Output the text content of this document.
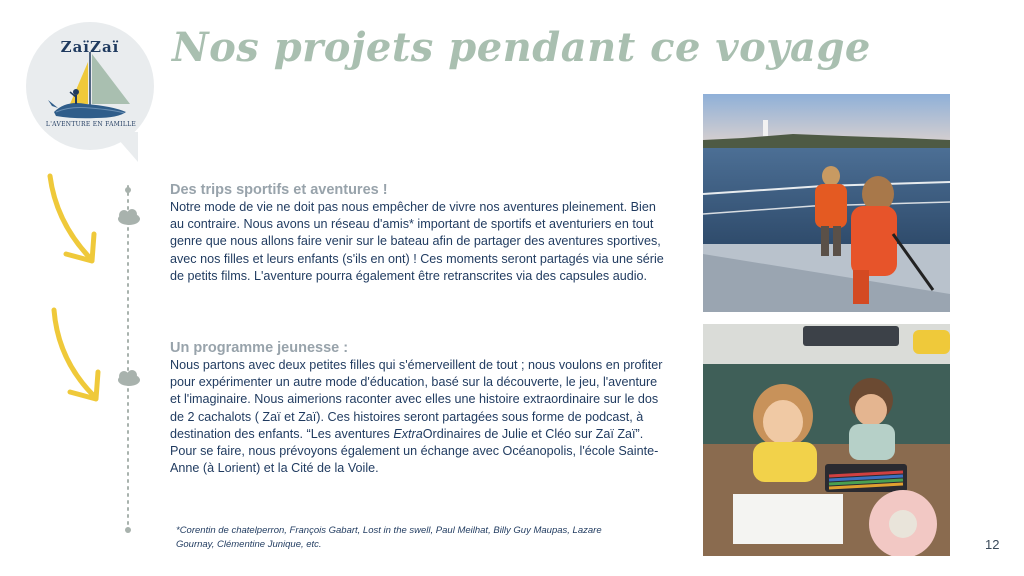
ZaïZaï
L'AVENTURE EN FAMILLE
Nos projets pendant ce voyage
Des trips sportifs et aventures !
Notre mode de vie ne doit pas nous empêcher de vivre nos aventures pleinement. Bien au contraire. Nous avons un réseau d'amis* important de sportifs et aventuriers en tout genre que nous allons faire venir sur le bateau afin de partager des aventures sportives, avec nos filles et leurs enfants (s'ils en ont) ! Ces moments seront partagés via une série de petits films. L'aventure pourra également être retranscrites via des capsules audio.
Un programme jeunesse :
Nous partons avec deux petites filles qui s'émerveillent de tout ; nous voulons en profiter pour expérimenter un autre mode d'éducation, basé sur la découverte, le jeu, l'aventure et l'imaginaire. Nous aimerions raconter avec elles une histoire extraordinaire sur le dos de 2 cachalots ( Zaï et Zaï). Ces histoires seront partagées sous forme de podcast, à destination des enfants. “Les aventures ExtraOrdinaires de Julie et Cléo sur Zaï Zaï”. Pour se faire, nous prévoyons également un échange avec Océanopolis, l'école Sainte-Anne (à Lorient) et la Cité de la Voile.
*Corentin de chatelperron, François Gabart, Lost in the swell, Paul Meilhat, Billy Guy Maupas, Lazare Gournay, Clémentine Junique, etc.	12
